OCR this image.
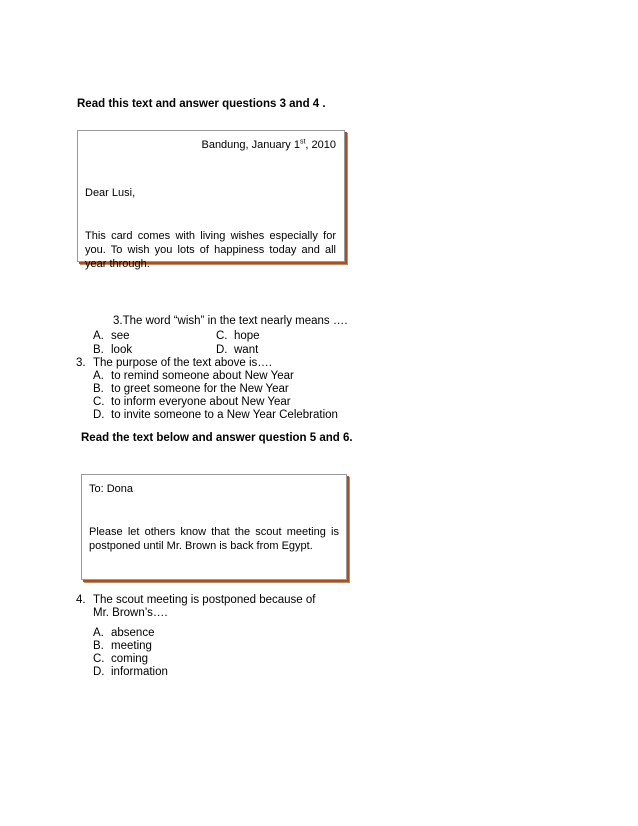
Read this text and answer questions 3 and 4 .
Bandung, January 1st, 2010
Dear Lusi,
This card comes with living wishes especially for you. To wish you lots of happiness today and all year through.
3.The word “wish” in the text nearly means ….
A. see	C. hope
B. look	D. want
3. The purpose of the text above is….
A. to remind someone about New Year
B. to greet someone for the New Year
C. to inform everyone about New Year
D. to invite someone to a New Year Celebration
Read the text below and answer question 5 and 6.
To: Dona
Please let others know that the scout meeting is postponed until Mr. Brown is back from Egypt.
4. The scout meeting is postponed because of
Mr. Brown’s….
A. absence
B. meeting
C. coming
D. information
